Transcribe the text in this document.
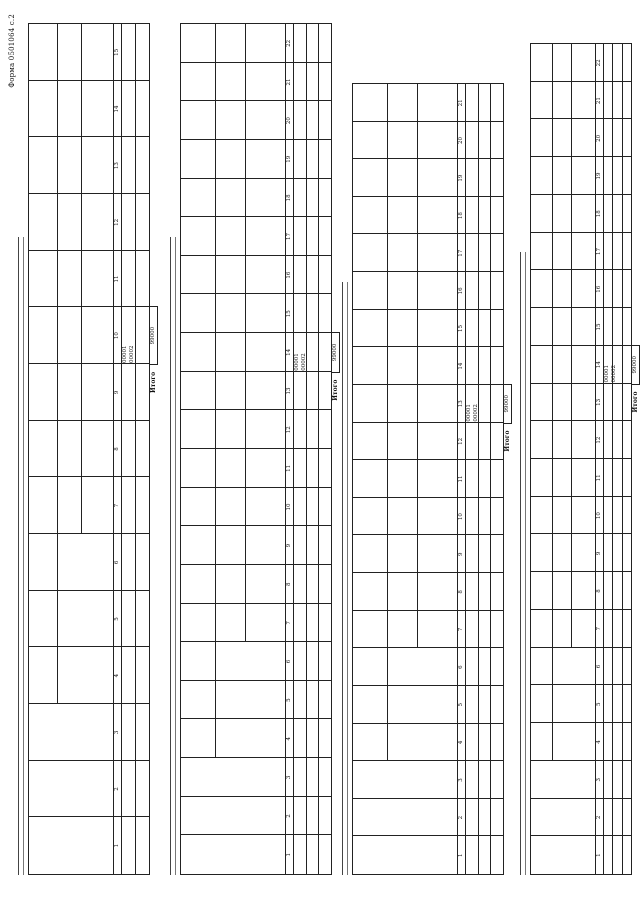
Форма 0501064 с.2
1
2
3
4
5
6
7
8
9
10
11
12
13
14
15
00001 00002
Итого
99000
1
2
3
4
5
6
7
8
9
10
11
12
13
14
15
16
17
18
19
20
21
22
00001 00002
Итого
99000
1
2
3
4
5
6
7
8
9
10
11
12
13
14
15
16
17
18
19
20
21
00001 00002
Итого
99000
1
2
3
4
5
6
7
8
9
10
11
12
13
14
15
16
17
18
19
20
21
22
00001 00002
Итого
99000
